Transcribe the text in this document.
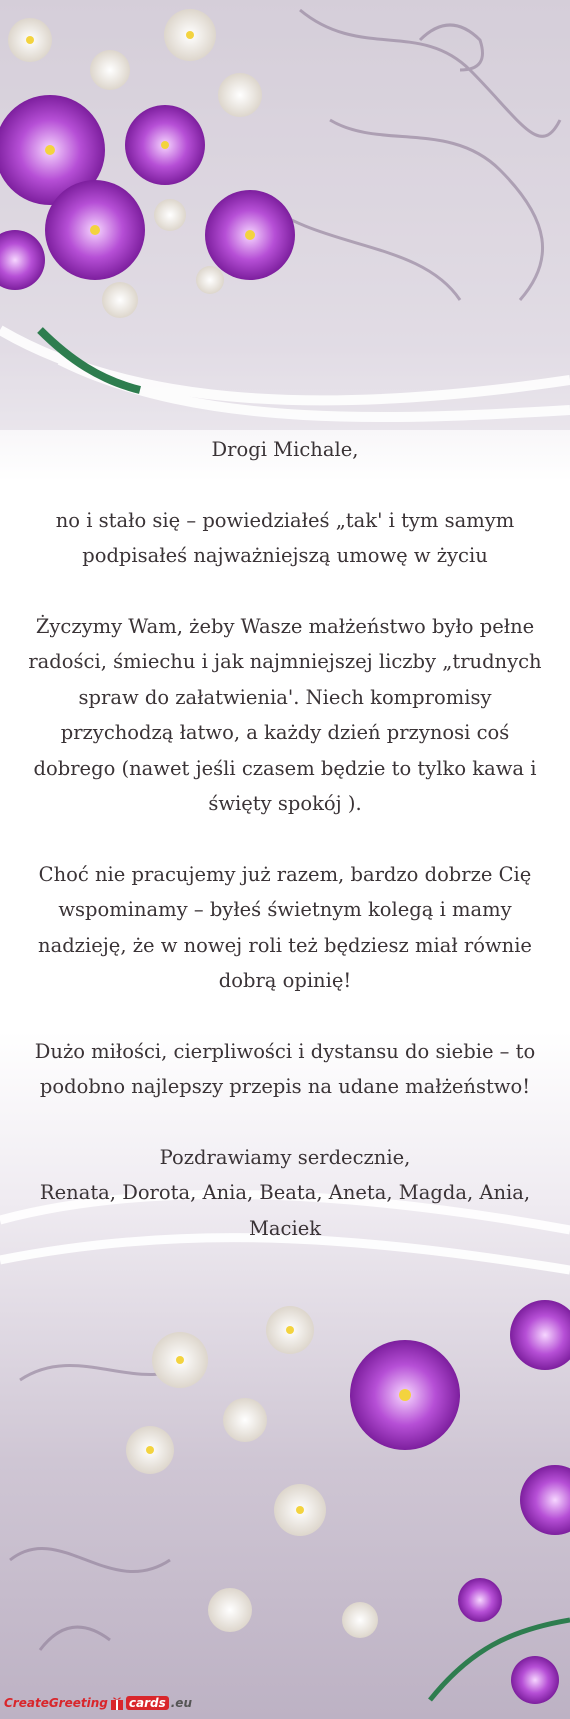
Drogi Michale,

no i stało się – powiedziałeś „tak' i tym samym

podpisałeś najważniejszą umowę w życiu

Życzymy Wam, żeby Wasze małżeństwo było pełne

radości, śmiechu i jak najmniejszej liczby „trudnych

spraw do załatwienia'. Niech kompromisy

przychodzą łatwo, a każdy dzień przynosi coś

dobrego (nawet jeśli czasem będzie to tylko kawa i

święty spokój ).

Choć nie pracujemy już razem, bardzo dobrze Cię

wspominamy – byłeś świetnym kolegą i mamy

nadzieję, że w nowej roli też będziesz miał równie

dobrą opinię!

Dużo miłości, cierpliwości i dystansu do siebie – to

podobno najlepszy przepis na udane małżeństwo!

Pozdrawiamy serdecznie,

Renata, Dorota, Ania, Beata, Aneta, Magda, Ania,

Maciek

CreateGreeting cards .eu
